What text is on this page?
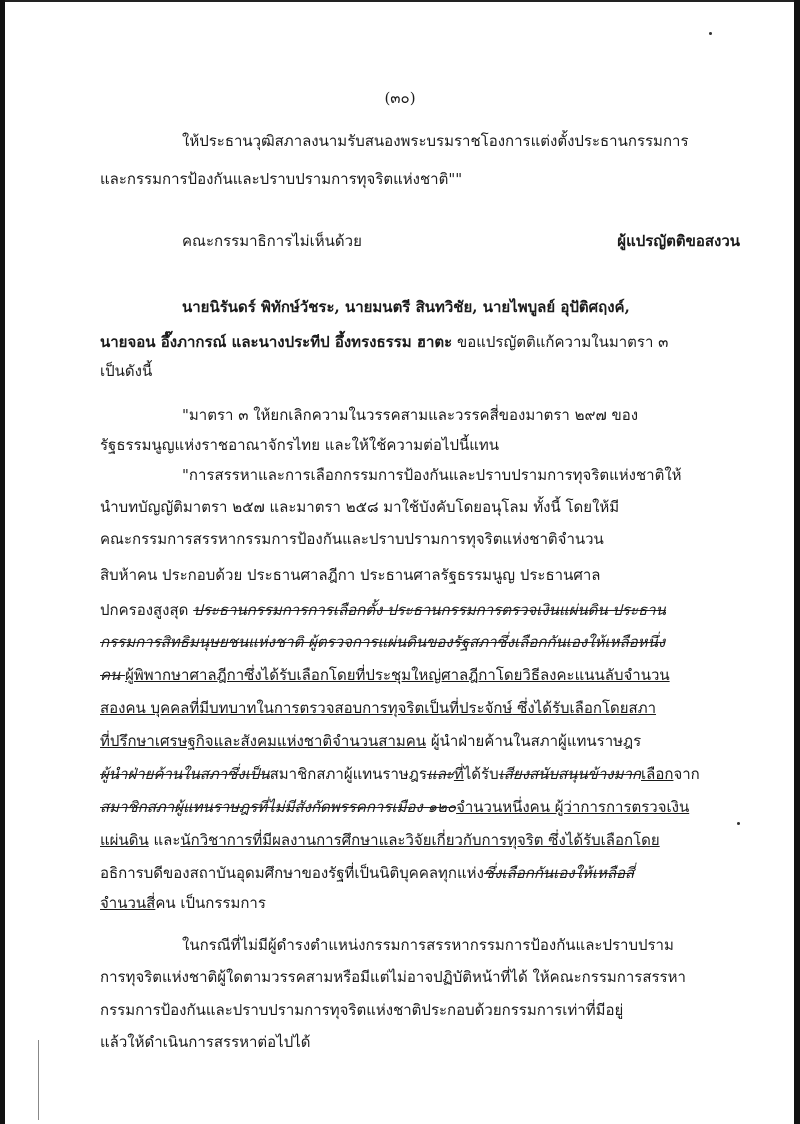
(๓๐)
ให้ประธานวุฒิสภาลงนามรับสนองพระบรมราชโองการแต่งตั้งประธานกรรมการ
และกรรมการป้องกันและปราบปรามการทุจริตแห่งชาติ""
คณะกรรมาธิการไม่เห็นด้วย	ผู้แปรญัตติขอสงวน
นายนิรันดร์ พิทักษ์วัชระ, นายมนตรี สินทวิชัย, นายไพบูลย์ อุปัติศฤงค์,
นายจอน อึ๊งภากรณ์ และนางประทีป อึ้งทรงธรรม ฮาตะ ขอแปรญัตติแก้ความในมาตรา ๓
เป็นดังนี้
"มาตรา ๓ ให้ยกเลิกความในวรรคสามและวรรคสี่ของมาตรา ๒๙๗ ของ
รัฐธรรมนูญแห่งราชอาณาจักรไทย และให้ใช้ความต่อไปนี้แทน
"การสรรหาและการเลือกกรรมการป้องกันและปราบปรามการทุจริตแห่งชาติให้
นำบทบัญญัติมาตรา ๒๕๗ และมาตรา ๒๕๘ มาใช้บังคับโดยอนุโลม ทั้งนี้ โดยให้มี
คณะกรรมการสรรหากรรมการป้องกันและปราบปรามการทุจริตแห่งชาติจำนวน
สิบห้าคน ประกอบด้วย ประธานศาลฎีกา ประธานศาลรัฐธรรมนูญ ประธานศาล
ปกครองสูงสุด ประธานกรรมการการเลือกตั้ง ประธานกรรมการตรวจเงินแผ่นดิน ประธาน
กรรมการสิทธิมนุษยชนแห่งชาติ ผู้ตรวจการแผ่นดินของรัฐสภาซึ่งเลือกกันเองให้เหลือหนึ่ง
คน ผู้พิพากษาศาลฎีกาซึ่งได้รับเลือกโดยที่ประชุมใหญ่ศาลฎีกาโดยวิธีลงคะแนนลับจำนวน
สองคน บุคคลที่มีบทบาทในการตรวจสอบการทุจริตเป็นที่ประจักษ์ ซึ่งได้รับเลือกโดยสภา
ที่ปรึกษาเศรษฐกิจและสังคมแห่งชาติจำนวนสามคน ผู้นำฝ่ายค้านในสภาผู้แทนราษฎร
ผู้นำฝ่ายค้านในสภาซึ่งเป็นสมาชิกสภาผู้แทนราษฎรและที่ได้รับเสียงสนับสนุนข้างมากเลือกจาก
สมาชิกสภาผู้แทนราษฎรที่ไม่มีสังกัดพรรคการเมือง ๑๒๐จำนวนหนึ่งคน ผู้ว่าการการตรวจเงิน
แผ่นดิน และนักวิชาการที่มีผลงานการศึกษาและวิจัยเกี่ยวกับการทุจริต ซึ่งได้รับเลือกโดย
อธิการบดีของสถาบันอุดมศึกษาของรัฐที่เป็นนิติบุคคลทุกแห่งซึ่งเลือกกันเองให้เหลือสี่
จำนวนสี่คน เป็นกรรมการ
ในกรณีที่ไม่มีผู้ดำรงตำแหน่งกรรมการสรรหากรรมการป้องกันและปราบปราม
การทุจริตแห่งชาติผู้ใดตามวรรคสามหรือมีแต่ไม่อาจปฏิบัติหน้าที่ได้ ให้คณะกรรมการสรรหา
กรรมการป้องกันและปราบปรามการทุจริตแห่งชาติประกอบด้วยกรรมการเท่าที่มีอยู่
แล้วให้ดำเนินการสรรหาต่อไปได้
